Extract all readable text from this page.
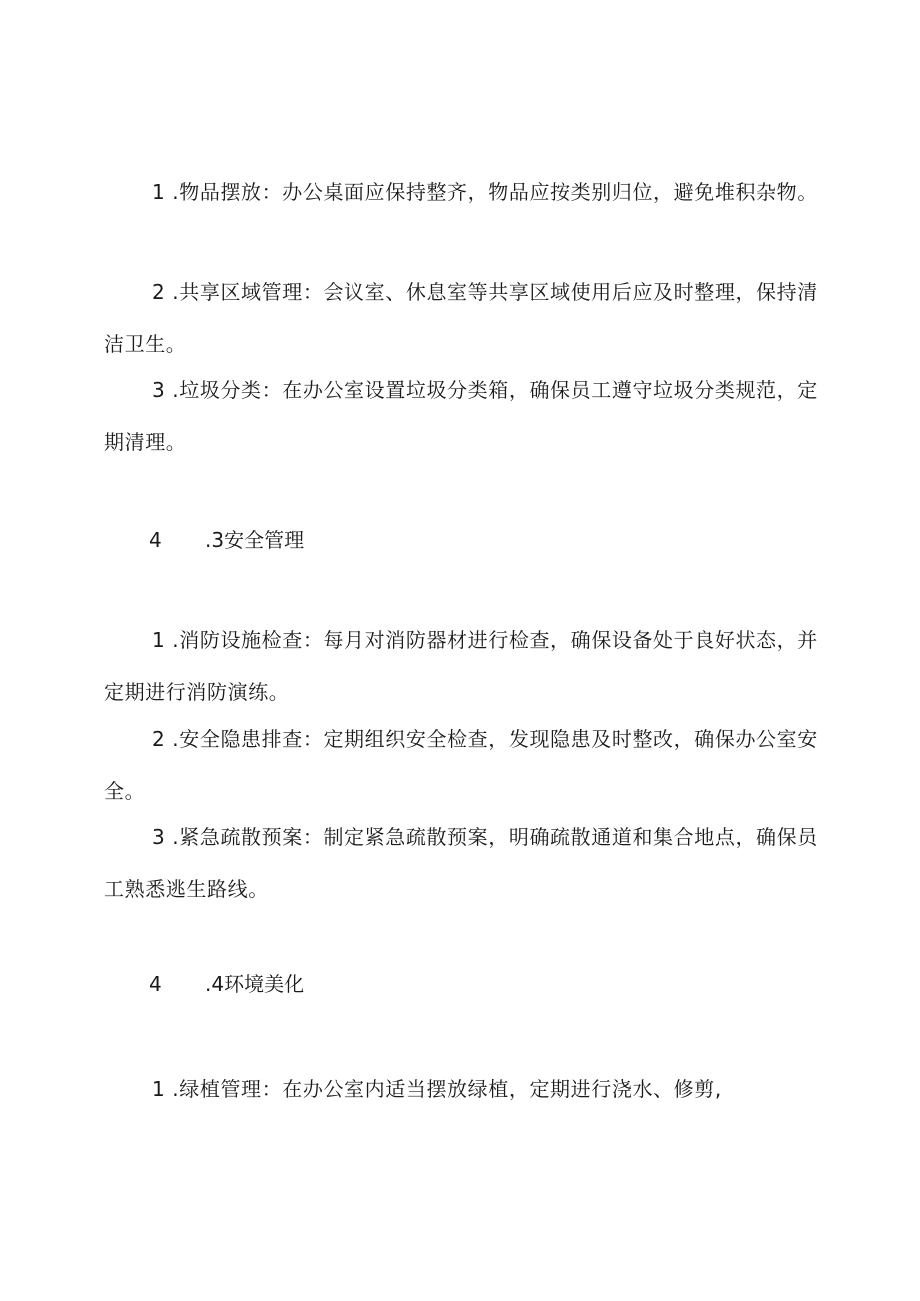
1 .物品摆放：办公桌面应保持整齐，物品应按类别归位，避免堆积杂物。

2 .共享区域管理：会议室、休息室等共享区域使用后应及时整理，保持清洁卫生。

3 .垃圾分类：在办公室设置垃圾分类箱，确保员工遵守垃圾分类规范，定期清理。

4 .3安全管理

1 .消防设施检查：每月对消防器材进行检查，确保设备处于良好状态，并定期进行消防演练。

2 .安全隐患排查：定期组织安全检查，发现隐患及时整改，确保办公室安全。

3 .紧急疏散预案：制定紧急疏散预案，明确疏散通道和集合地点，确保员工熟悉逃生路线。

4 .4环境美化

1 .绿植管理：在办公室内适当摆放绿植，定期进行浇水、修剪,
